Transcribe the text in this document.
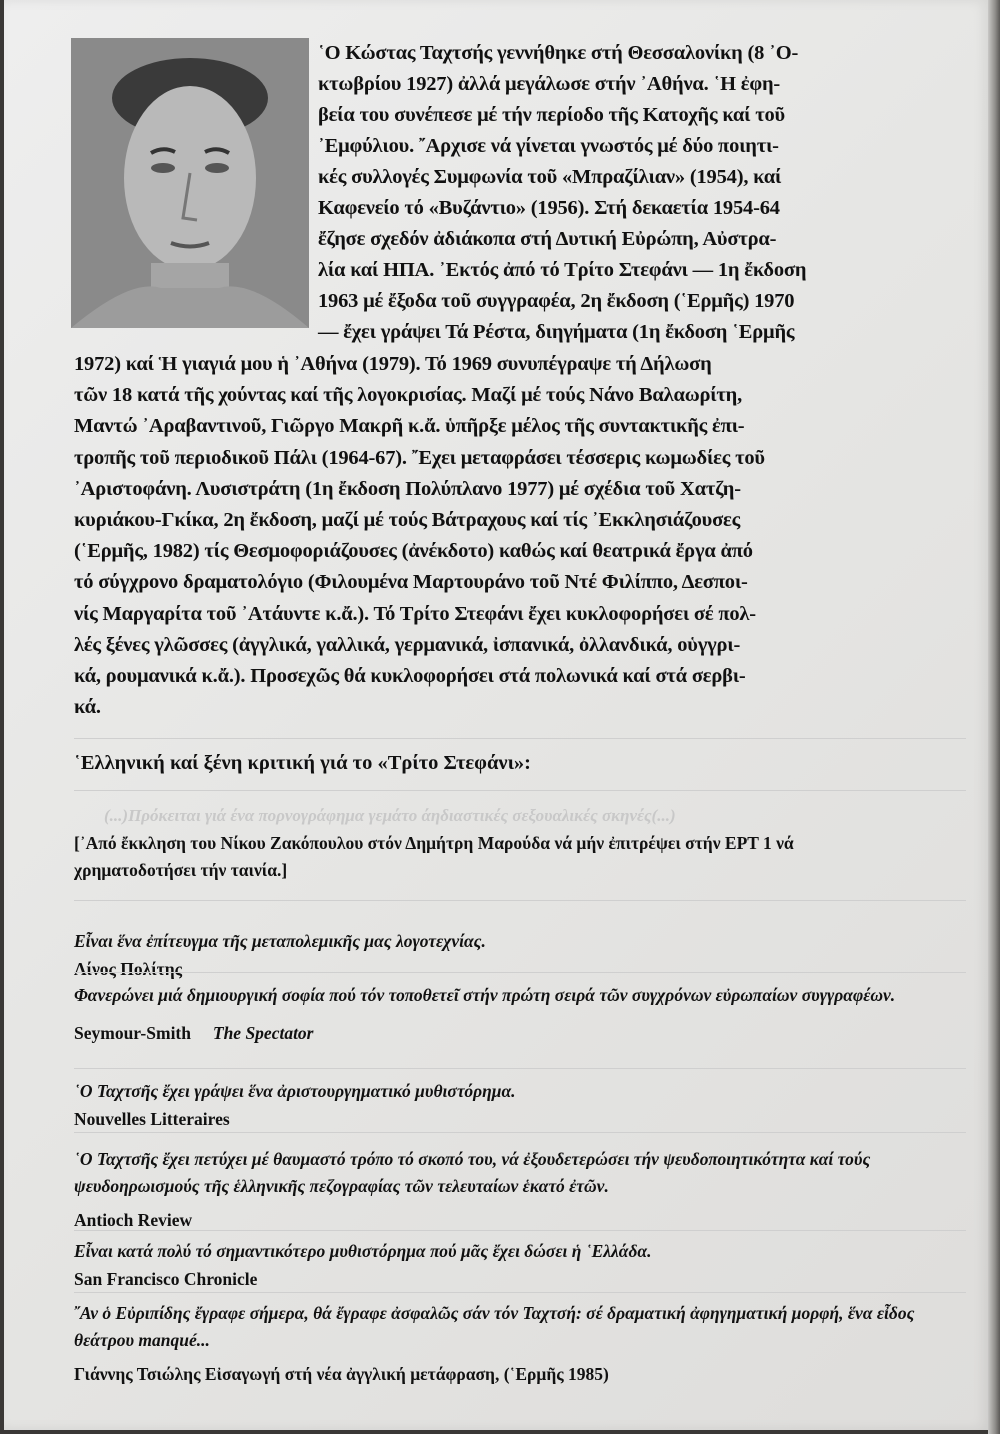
῾Ο Κώστας Ταχτσής γεννήθηκε στή Θεσσαλονίκη (8 ᾿Ο-
κτωβρίου 1927) ἀλλά μεγάλωσε στήν ᾿Αθήνα. ῾Η ἐφη-
βεία του συνέπεσε μέ τήν περίοδο τῆς Κατοχῆς καί τοῦ
᾿Εμφύλιου. ῎Αρχισε νά γίνεται γνωστός μέ δύο ποιητι-
κές συλλογές Συμφωνία τοῦ «Μπραζίλιαν» (1954), καί
Καφενείο τό «Βυζάντιο» (1956). Στή δεκαετία 1954-64
ἔζησε σχεδόν ἀδιάκοπα στή Δυτική Εὐρώπη, Αὐστρα-
λία καί ΗΠΑ. ᾿Εκτός ἀπό τό Τρίτο Στεφάνι — 1η ἔκδοση
1963 μέ ἔξοδα τοῦ συγγραφέα, 2η ἔκδοση (῾Ερμῆς) 1970
— ἔχει γράψει Τά Ρέστα, διηγήματα (1η ἔκδοση ῾Ερμῆς
1972) καί Ἡ γιαγιά μου ἡ ᾿Αθήνα (1979). Τό 1969 συνυπέγραψε τή Δήλωση
τῶν 18 κατά τῆς χούντας καί τῆς λογοκρισίας. Μαζί μέ τούς Νάνο Βαλαωρίτη,
Μαντώ ᾿Αραβαντινοῦ, Γιῶργο Μακρῆ κ.ἄ. ὑπῆρξε μέλος τῆς συντακτικῆς ἐπι-
τροπῆς τοῦ περιοδικοῦ Πάλι (1964-67). ῎Εχει μεταφράσει τέσσερις κωμωδίες τοῦ
᾿Αριστοφάνη. Λυσιστράτη (1η ἔκδοση Πολύπλανο 1977) μέ σχέδια τοῦ Χατζη-
κυριάκου-Γκίκα, 2η ἔκδοση, μαζί μέ τούς Βάτραχους καί τίς ᾿Εκκλησιάζουσες
(῾Ερμῆς, 1982) τίς Θεσμοφοριάζουσες (ἀνέκδοτο) καθώς καί θεατρικά ἔργα ἀπό
τό σύγχρονο δραματολόγιο (Φιλουμένα Μαρτουράνο τοῦ Ντέ Φιλίππο, Δεσποι-
νίς Μαργαρίτα τοῦ ᾿Ατάυντε κ.ἄ.). Τό Τρίτο Στεφάνι ἔχει κυκλοφορήσει σέ πολ-
λές ξένες γλῶσσες (ἀγγλικά, γαλλικά, γερμανικά, ἰσπανικά, ὀλλανδικά, οὑγγρι-
κά, ρουμανικά κ.ἄ.). Προσεχῶς θά κυκλοφορήσει στά πολωνικά καί στά σερβι-
κά.
῾Ελληνική καί ξένη κριτική γιά το «Τρίτο Στεφάνι»:
(...)Πρόκειται γιά ένα πορνογράφημα γεμάτο άηδιαστικές σεξουαλικές σκηνές(...)
[᾿Από ἔκκληση του Νίκου Ζακόπουλου στόν Δημήτρη Μαρούδα νά μήν ἐπιτρέψει στήν ΕΡΤ 1 νά
χρηματοδοτήσει τήν ταινία.]
Εἶναι ἕνα ἐπίτευγμα τῆς μεταπολεμικῆς μας λογοτεχνίας.
Λίνος Πολίτης
Φανερώνει μιά δημιουργική σοφία πού τόν τοποθετεῖ στήν πρώτη σειρά τῶν συγχρόνων εὐρωπαίων συγγραφέων.
Seymour-Smith The Spectator
῾Ο Ταχτσῆς ἔχει γράψει ἕνα ἀριστουργηματικό μυθιστόρημα.
Nouvelles Litteraires
῾Ο Ταχτσῆς ἔχει πετύχει μέ θαυμαστό τρόπο τό σκοπό του, νά ἐξουδετερώσει τήν ψευδοποιητικότητα καί τούς ψευδοηρωισμούς τῆς ἑλληνικῆς πεζογραφίας τῶν τελευταίων ἑκατό ἐτῶν.
Antioch Review
Εἶναι κατά πολύ τό σημαντικότερο μυθιστόρημα πού μᾶς ἔχει δώσει ἡ ῾Ελλάδα.
San Francisco Chronicle
῎Αν ὁ Εὐριπίδης ἔγραφε σήμερα, θά ἔγραφε ἀσφαλῶς σάν τόν Ταχτσή: σέ δραματική ἀφηγηματική μορφή, ἕνα εἶδος θεάτρου manqué...
Γιάννης Τσιώλης Εἰσαγωγή στή νέα ἀγγλική μετάφραση, (῾Ερμῆς 1985)
